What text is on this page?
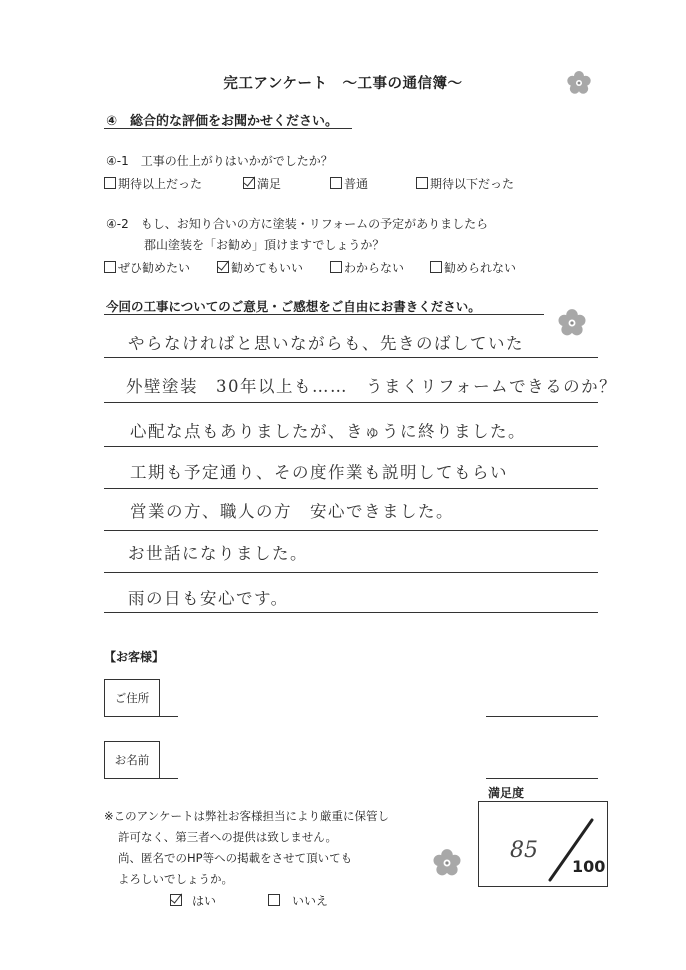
完工アンケート　～工事の通信簿～
④　総合的な評価をお聞かせください。
④-1　工事の仕上がりはいかがでしたか？
期待以上だった	満足	普通	期待以下だった
④-2　もし、お知り合いの方に塗装・リフォームの予定がありましたら
郡山塗装を「お勧め」頂けますでしょうか？
ぜひ勧めたい	勧めてもいい	わからない	勧められない
今回の工事についてのご意見・ご感想をご自由にお書きください。
やらなければと思いながらも、先きのばしていた
外壁塗装　30年以上も……　うまくリフォームできるのか？
心配な点もありましたが、きゅうに終りました。
工期も予定通り、その度作業も説明してもらい
営業の方、職人の方　安心できました。
お世話になりました。
雨の日も安心です。
【お客様】
ご住所
お名前
※このアンケートは弊社お客様担当により厳重に保管し
許可なく、第三者への提供は致しません。
尚、匿名でのHP等への掲載をさせて頂いても
よろしいでしょうか。
はい	いいえ
満足度
85
100
